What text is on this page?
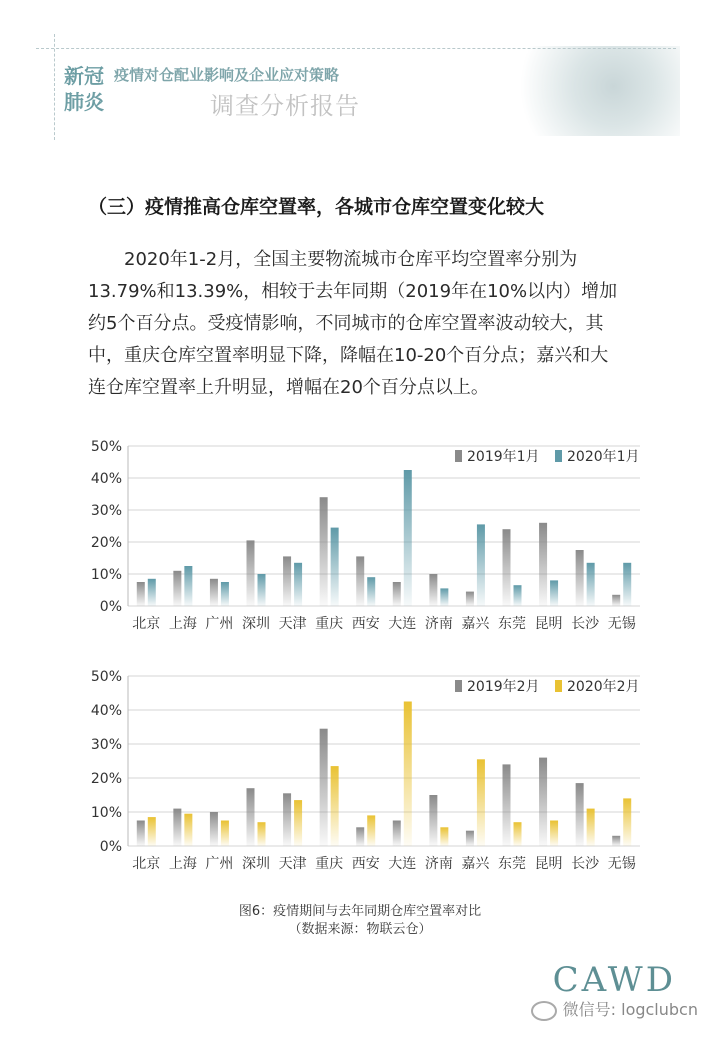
新冠
肺炎
疫情对仓配业影响及企业应对策略
调查分析报告
（三）疫情推高仓库空置率，各城市仓库空置变化较大
　　2020年1-2月，全国主要物流城市仓库平均空置率分别为
13.79%和13.39%，相较于去年同期（2019年在10%以内）增加
约5个百分点。受疫情影响，不同城市的仓库空置率波动较大，其
中，重庆仓库空置率明显下降，降幅在10-20个百分点；嘉兴和大
连仓库空置率上升明显，增幅在20个百分点以上。
0%
10%
20%
30%
40%
50%
北京 上海 广州 深圳 天津 重庆 西安 大连 济南 嘉兴 东莞 昆明 长沙 无锡
2019年1月 2020年1月
0%
10%
20%
30%
40%
50%
北京 上海 广州 深圳 天津 重庆 西安 大连 济南 嘉兴 东莞 昆明 长沙 无锡
2019年2月 2020年2月
图6：疫情期间与去年同期仓库空置率对比
（数据来源：物联云仓）
CAWD
微信号: logclubcn
